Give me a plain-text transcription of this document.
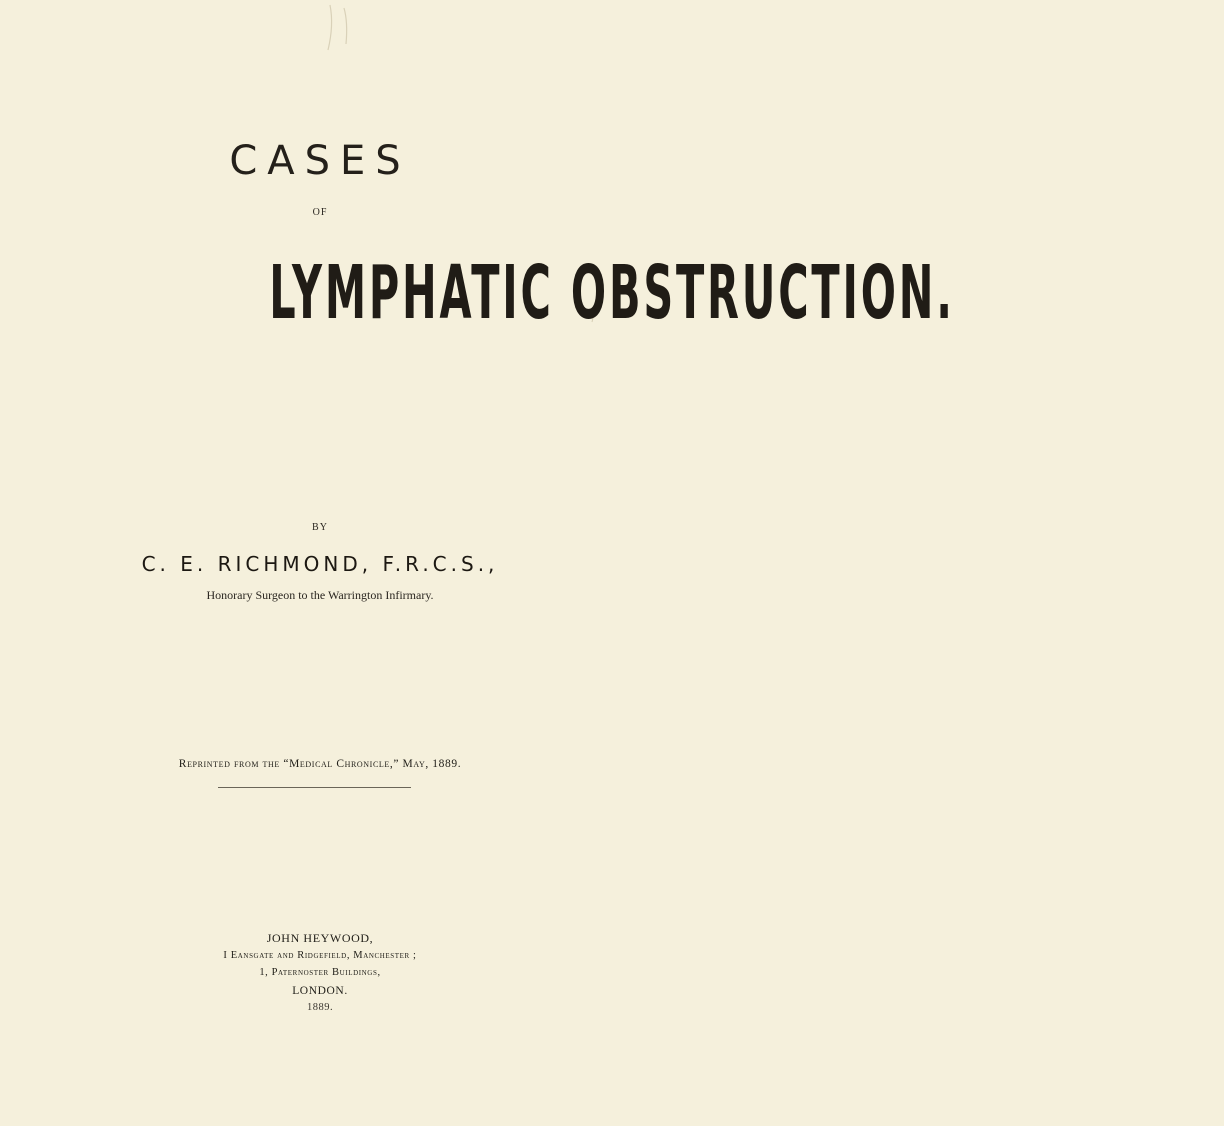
CASES
OF
LYMPHATIC OBSTRUCTION.
BY
C. E. RICHMOND, F.R.C.S.,
Honorary Surgeon to the Warrington Infirmary.
Reprinted from the “Medical Chronicle,” May, 1889.
JOHN HEYWOOD,
I Eansgate and Ridgefield, Manchester ;
1, Paternoster Buildings,
LONDON.
1889.
